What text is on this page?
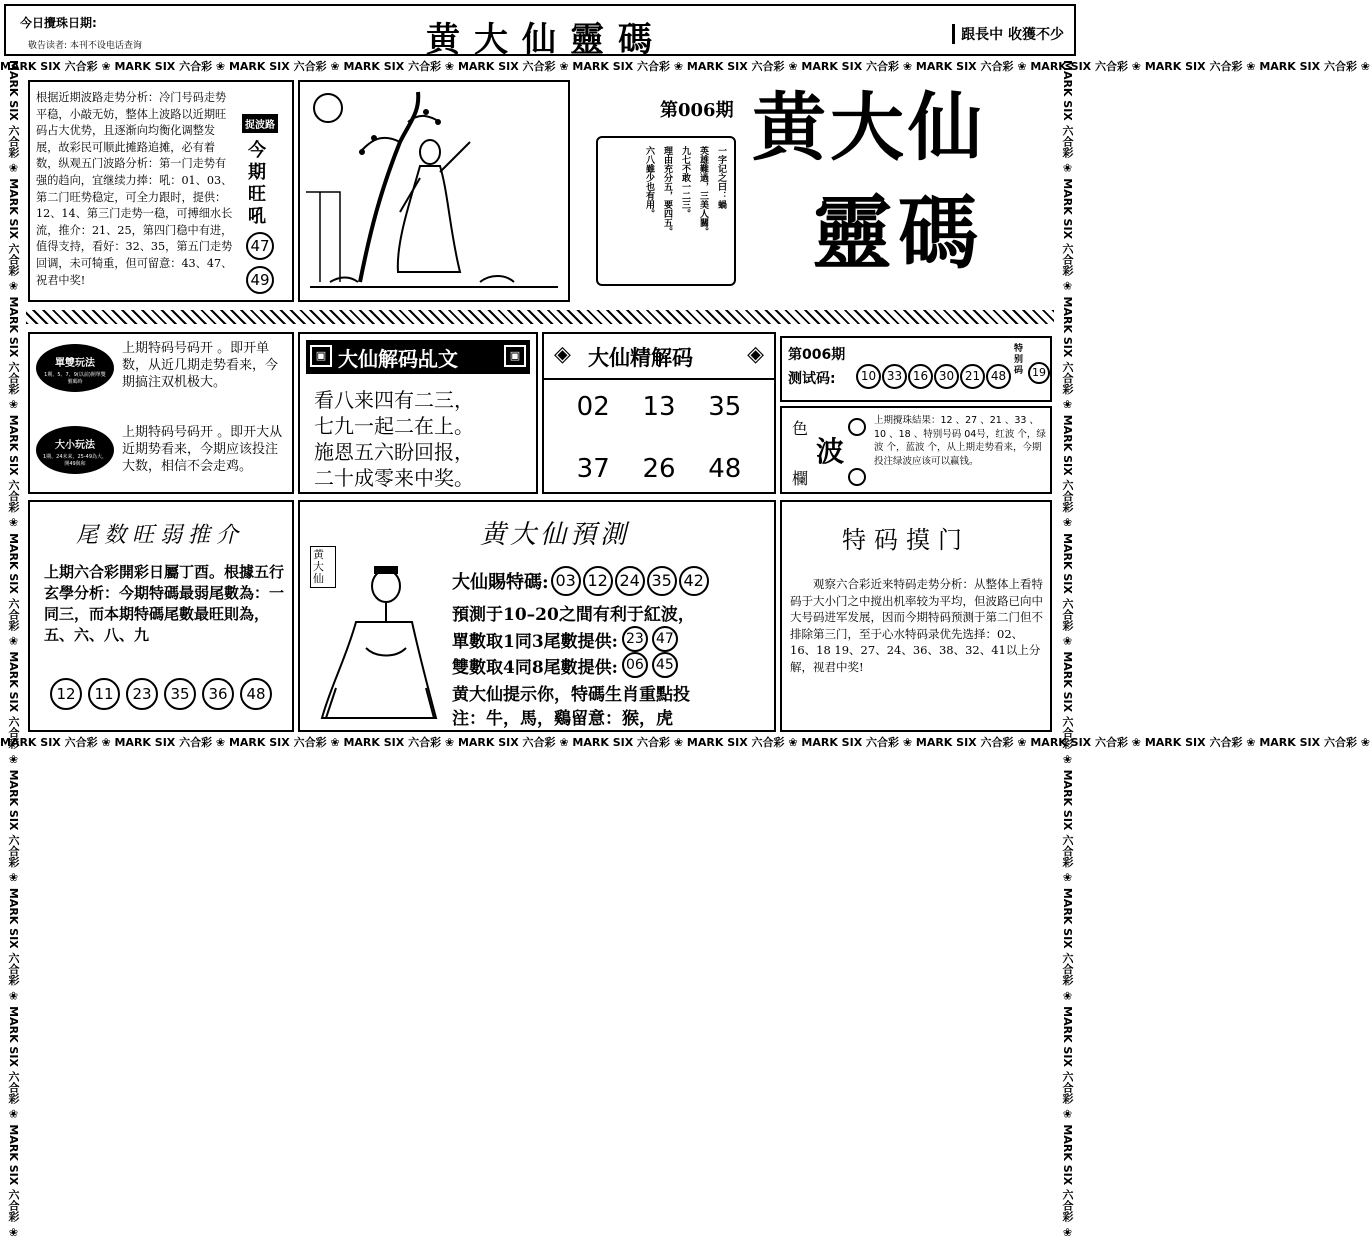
今日攪珠日期:
敬告读者: 本刊不设电话查询	黄大仙靈碼	跟長中 收獲不少
MARK SIX 六合彩 ❀ MARK SIX 六合彩 ❀ MARK SIX 六合彩 ❀ MARK SIX 六合彩 ❀ MARK SIX 六合彩 ❀ MARK SIX 六合彩 ❀ MARK SIX 六合彩 ❀ MARK SIX 六合彩 ❀ MARK SIX 六合彩 ❀ MARK SIX 六合彩 ❀ MARK SIX 六合彩 ❀ MARK SIX 六合彩 ❀
MARK SIX 六合彩 ❀ MARK SIX 六合彩 ❀ MARK SIX 六合彩 ❀ MARK SIX 六合彩 ❀ MARK SIX 六合彩 ❀ MARK SIX 六合彩 ❀ MARK SIX 六合彩 ❀ MARK SIX 六合彩 ❀ MARK SIX 六合彩 ❀ MARK SIX 六合彩 ❀ MARK SIX 六合彩 ❀ MARK SIX 六合彩 ❀
MARK SIX 六合彩 ❀ MARK SIX 六合彩 ❀ MARK SIX 六合彩 ❀ MARK SIX 六合彩 ❀ MARK SIX 六合彩 ❀ MARK SIX 六合彩 ❀ MARK SIX 六合彩 ❀ MARK SIX 六合彩 ❀ MARK SIX 六合彩 ❀ MARK SIX 六合彩 ❀	MARK SIX 六合彩 ❀ MARK SIX 六合彩 ❀ MARK SIX 六合彩 ❀ MARK SIX 六合彩 ❀ MARK SIX 六合彩 ❀ MARK SIX 六合彩 ❀ MARK SIX 六合彩 ❀ MARK SIX 六合彩 ❀ MARK SIX 六合彩 ❀ MARK SIX 六合彩 ❀
根据近期波路走势分析：冷门号码走势平稳，小敲无妨，整体上波路以近期旺码占大优势，且逐渐向均衡化调整发展，故彩民可顺此摊路追摊，必有着数，纵观五门波路分析：第一门走势有强的趋向，宜继续力捧：吼：01、03、第二门旺势稳定，可全力跟时，提供：12、14、第三门走势一稳，可搏细水长流，推介：21、25，第四门稳中有进，值得支持，看好：32、35，第五门走势回调，未可犄重，但可留意：43、47、祝君中奖!
捉波路
今期旺吼
47 49
第006期
一字记之曰：蝸
英雄難過，三美人關。
九七不敢一二三。
理由充分五，要四五。
六八雖少也有用。
黄大仙
靈碼
單雙玩法
1期、5、7、9(以前)開單雙號碼時
上期特码号码开 。即开单数，从近几期走势看来，今期搞注双机极大。
大小玩法
1期、24未来，25-49為大，開49與和
上期特码号码开 。即开大从近期势看来，今期应该投注大数，相信不会走鸡。
▣ 大仙解码乩文	▣
看八来四有二三，
七九一起二在上。
施恩五六盼回报，
二十成零来中奖。
◈ 大仙精解码 ◈
02 13 35
37 26 48
第006期
测试码:	10 33 16 30 21 48
特别码 19
色
波
欄
上期攪珠結果：12 、27 、21 、33 、10 、18 、特别号码 04号，红波 个，绿波 个，蓝波 个，从上期走势看来，今期投注绿波应该可以赢钱。
尾数旺弱推介
上期六合彩開彩日屬丁酉。根據五行玄學分析：今期特碼最弱尾數為：一同三，而本期特碼尾數最旺則為，五、六、八、九
12	11	23	35	36	48
黄大仙預測
黄大仙	大仙賜特碼: 03 12 24 35 42
預測于10–20之間有利于紅波，
單數取1同3尾數提供: 23 47
雙數取4同8尾數提供: 06 45
黄大仙提示你，特碼生肖重點投
注：牛，馬，鷄留意：猴，虎
特码摸门
观察六合彩近来特码走势分析：从整体上看特码于大小门之中搅出机率较为平均，但波路已向中大号码进军发展，因而今期特码预测于第二门但不排除第三门，至于心水特码录优先选择：02、16、18 19、27、24、36、38、32、41以上分解，视君中奖!
